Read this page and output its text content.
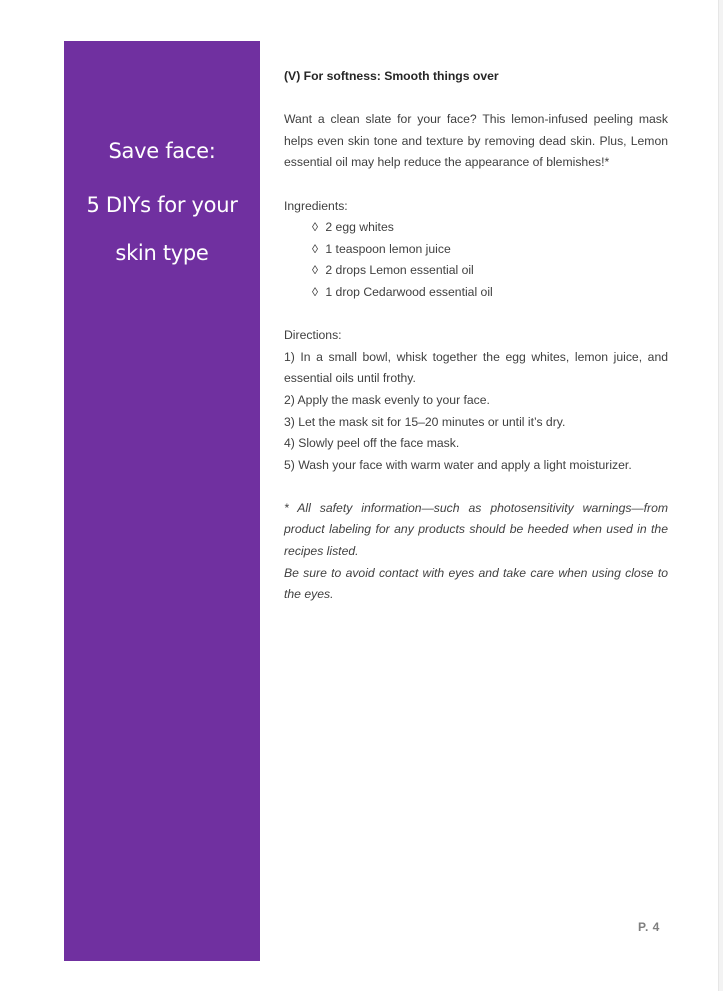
Save face:
5 DIYs for your
skin type

(V) For softness: Smooth things over

Want a clean slate for your face? This lemon-infused peeling mask helps even skin tone and texture by removing dead skin. Plus, Lemon essential oil may help reduce the appearance of blemishes!*

Ingredients:

◊ 2 egg whites

◊ 1 teaspoon lemon juice

◊ 2 drops Lemon essential oil

◊ 1 drop Cedarwood essential oil

Directions:

1) In a small bowl, whisk together the egg whites, lemon juice, and essential oils until frothy.

2) Apply the mask evenly to your face.

3) Let the mask sit for 15–20 minutes or until it’s dry.

4) Slowly peel off the face mask.

5) Wash your face with warm water and apply a light moisturizer.

* All safety information—such as photosensitivity warnings—from product labeling for any products should be heeded when used in the recipes listed.

Be sure to avoid contact with eyes and take care when using close to the eyes.

P. 4
